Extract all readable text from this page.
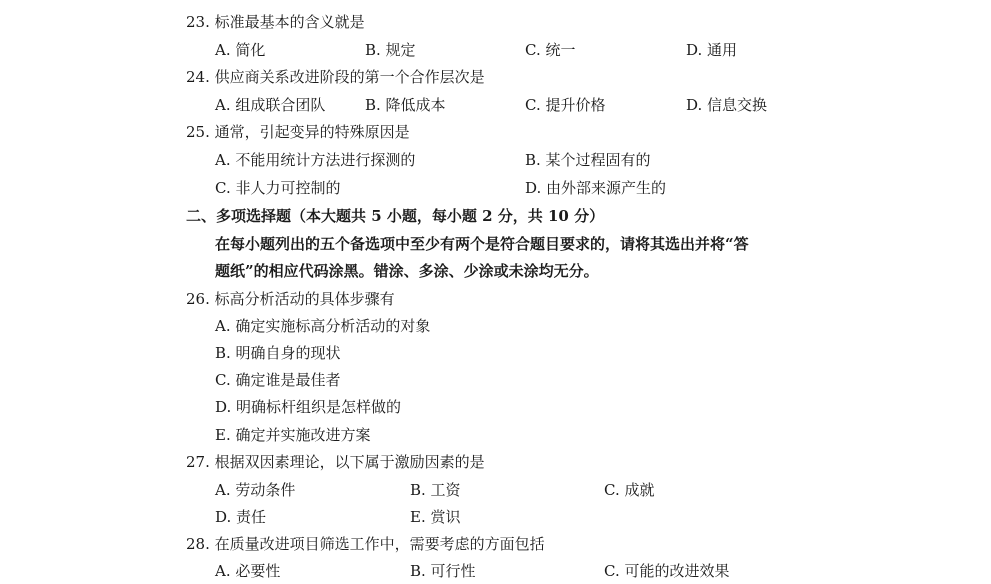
23. 标准最基本的含义就是
A. 简化	B. 规定	C. 统一	D. 通用
24. 供应商关系改进阶段的第一个合作层次是
A. 组成联合团队	B. 降低成本	C. 提升价格	D. 信息交换
25. 通常，引起变异的特殊原因是
A. 不能用统计方法进行探测的	B. 某个过程固有的
C. 非人力可控制的	D. 由外部来源产生的
二、多项选择题（本大题共 5 小题，每小题 2 分，共 10 分）
在每小题列出的五个备选项中至少有两个是符合题目要求的，请将其选出并将“答
题纸”的相应代码涂黑。错涂、多涂、少涂或未涂均无分。
26. 标高分析活动的具体步骤有
A. 确定实施标高分析活动的对象
B. 明确自身的现状
C. 确定谁是最佳者
D. 明确标杆组织是怎样做的
E. 确定并实施改进方案
27. 根据双因素理论，以下属于激励因素的是
A. 劳动条件	B. 工资	C. 成就
D. 责任	E. 赏识
28. 在质量改进项目筛选工作中，需要考虑的方面包括
A. 必要性	B. 可行性	C. 可能的改进效果
